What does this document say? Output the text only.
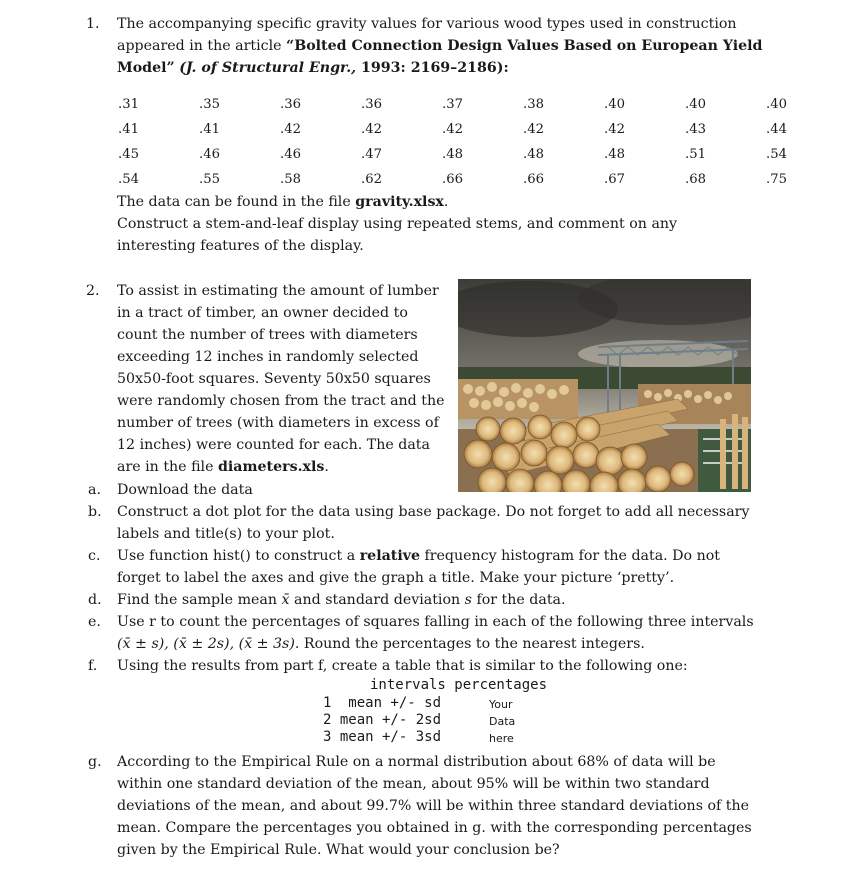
1. The accompanying specific gravity values for various wood types used in construction
appeared in the article “Bolted Connection Design Values Based on European Yield
Model” (J. of Structural Engr., 1993: 2169–2186):
.31	.35	.36	.36	.37	.38	.40	.40	.40
.41	.41	.42	.42	.42	.42	.42	.43	.44
.45	.46	.46	.47	.48	.48	.48	.51	.54
.54	.55	.58	.62	.66	.66	.67	.68	.75
The data can be found in the file gravity.xlsx.
Construct a stem-and-leaf display using repeated stems, and comment on any
interesting features of the display.
2. To assist in estimating the amount of lumber
in a tract of timber, an owner decided to
count the number of trees with diameters
exceeding 12 inches in randomly selected
50x50-foot squares. Seventy 50x50 squares
were randomly chosen from the tract and the
number of trees (with diameters in excess of
12 inches) were counted for each. The data
are in the file diameters.xls.
a. Download the data
b. Construct a dot plot for the data using base package. Do not forget to add all necessary
labels and title(s) to your plot.
c. Use function hist() to construct a relative frequency histogram for the data. Do not
forget to label the axes and give the graph a title. Make your picture ‘pretty’.
d. Find the sample mean x̄ and standard deviation s for the data.
e. Use r to count the percentages of squares falling in each of the following three intervals
(x̄ ± s), (x̄ ± 2s), (x̄ ± 3s). Round the percentages to the nearest integers.
f. Using the results from part f, create a table that is similar to the following one:
intervals percentages
1  mean +/- sd
2 mean +/- 2sd
3 mean +/- 3sd
Your
Data
here
g. According to the Empirical Rule on a normal distribution about 68% of data will be
within one standard deviation of the mean, about 95% will be within two standard
deviations of the mean, and about 99.7% will be within three standard deviations of the
mean. Compare the percentages you obtained in g. with the corresponding percentages
given by the Empirical Rule. What would your conclusion be?
